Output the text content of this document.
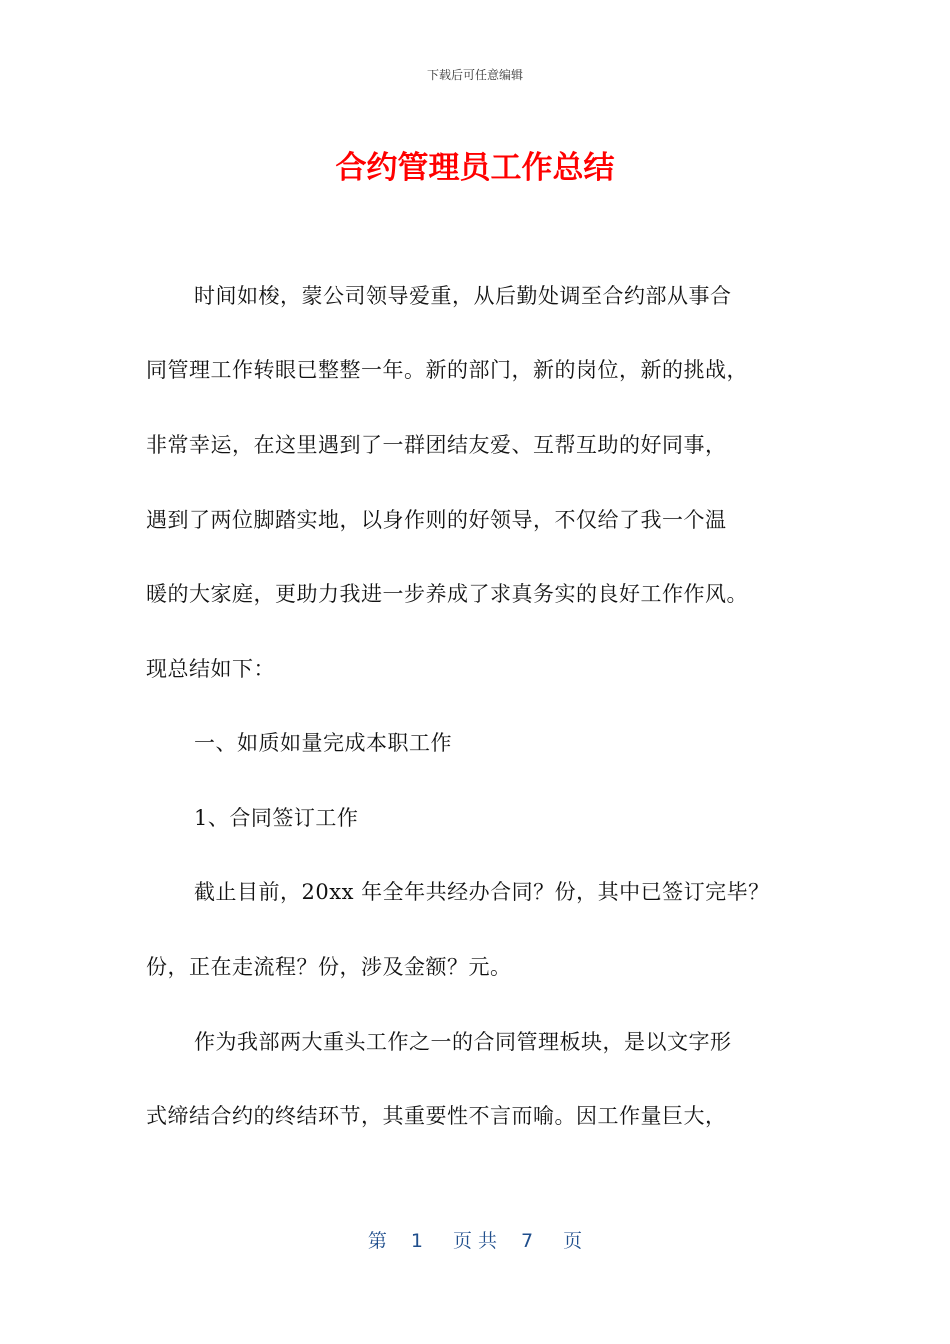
下载后可任意编辑
合约管理员工作总结
时间如梭，蒙公司领导爱重，从后勤处调至合约部从事合
同管理工作转眼已整整一年。新的部门，新的岗位，新的挑战，
非常幸运，在这里遇到了一群团结友爱、互帮互助的好同事，
遇到了两位脚踏实地，以身作则的好领导，不仅给了我一个温
暖的大家庭，更助力我进一步养成了求真务实的良好工作作风。
现总结如下：
一、如质如量完成本职工作
1、合同签订工作
截止目前，20xx 年全年共经办合同？份，其中已签订完毕？
份，正在走流程？份，涉及金额？元。
作为我部两大重头工作之一的合同管理板块，是以文字形
式缔结合约的终结环节，其重要性不言而喻。因工作量巨大，
第 1 页 共 7 页
